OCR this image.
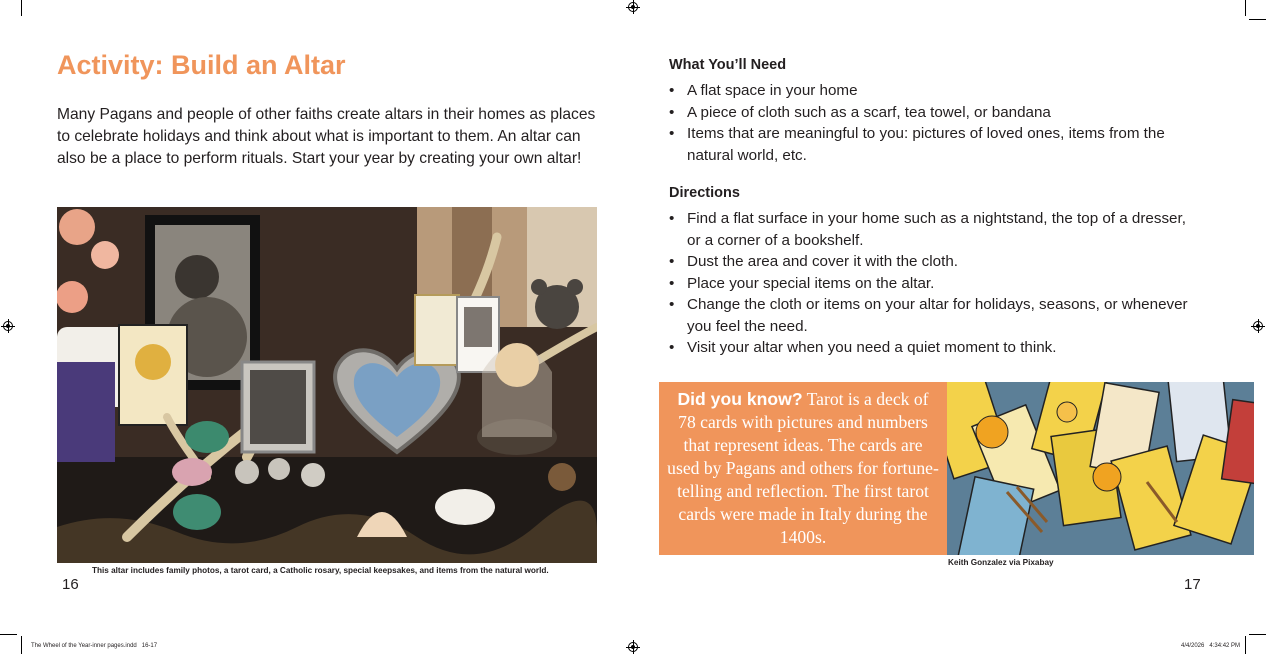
Activity: Build an Altar
Many Pagans and people of other faiths create altars in their homes as places to celebrate holidays and think about what is important to them. An altar can also be a place to perform rituals. Start your year by creating your own altar!
This altar includes family photos, a tarot card, a Catholic rosary, special keepsakes, and items from the natural world.
16
What You’ll Need
• A flat space in your home
• A piece of cloth such as a scarf, tea towel, or bandana
• Items that are meaningful to you: pictures of loved ones, items from the natural world, etc.
Directions
• Find a flat surface in your home such as a nightstand, the top of a dresser, or a corner of a bookshelf.
• Dust the area and cover it with the cloth.
• Place your special items on the altar.
• Change the cloth or items on your altar for holidays, seasons, or whenever you feel the need.
• Visit your altar when you need a quiet moment to think.
Did you know? Tarot is a deck of 78 cards with pictures and numbers that represent ideas. The cards are used by Pagans and others for fortune-telling and reflection. The first tarot cards were made in Italy during the 1400s.
Keith Gonzalez via Pixabay
17
The Wheel of the Year-inner pages.indd   16-17	4/4/2026   4:34:42 PM
